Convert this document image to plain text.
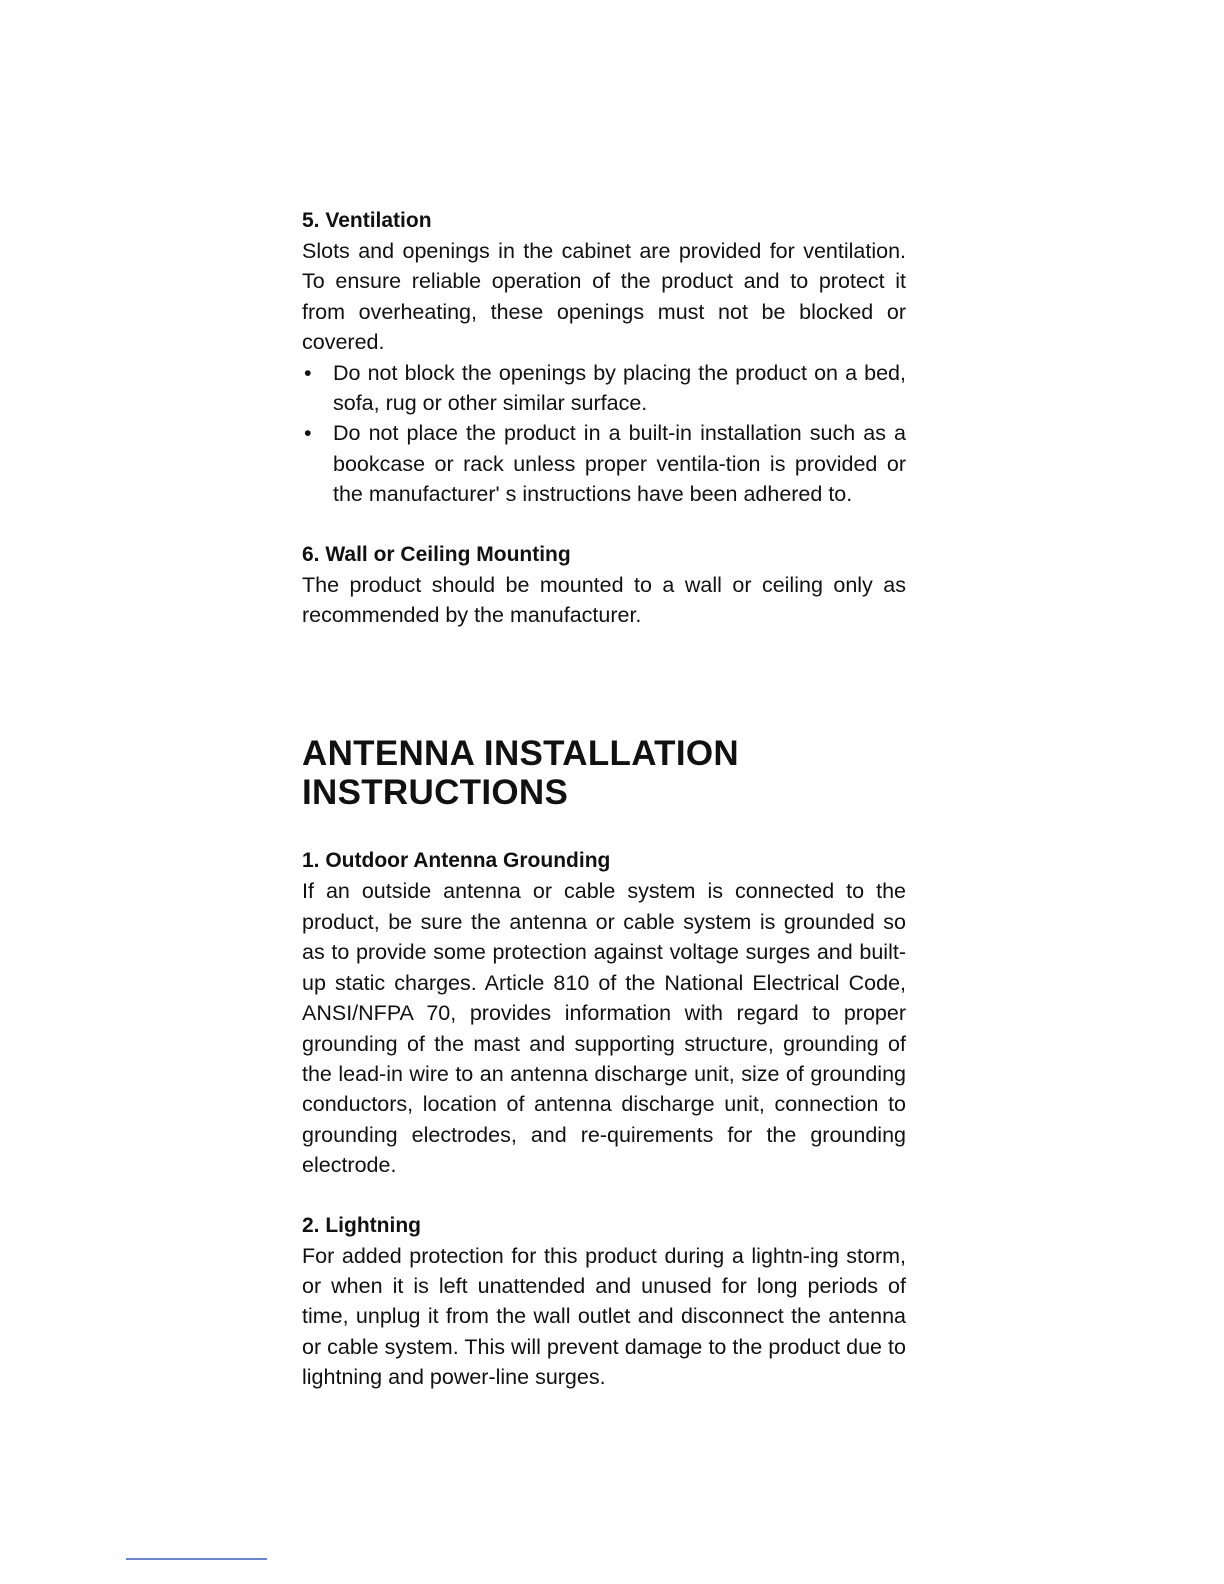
5. Ventilation

Slots and openings in the cabinet are provided for ventilation. To ensure reliable operation of the product and to protect it from overheating, these openings must not be blocked or covered.

• Do not block the openings by placing the product on a bed, sofa, rug or other similar surface.
• Do not place the product in a built-in installation such as a bookcase or rack unless proper ventila-tion is provided or the manufacturer' s instructions have been adhered to.

6. Wall or Ceiling Mounting

The product should be mounted to a wall or ceiling only as recommended by the manufacturer.

ANTENNA INSTALLATION
INSTRUCTIONS

1. Outdoor Antenna Grounding

If an outside antenna or cable system is connected to the product, be sure the antenna or cable system is grounded so as to provide some protection against voltage surges and built-up static charges. Article 810 of the National Electrical Code, ANSI/NFPA 70, provides information with regard to proper grounding of the mast and supporting structure, grounding of the lead-in wire to an antenna discharge unit, size of grounding conductors, location of antenna discharge unit, connection to grounding electrodes, and re-quirements for the grounding electrode.

2. Lightning

For added protection for this product during a lightn-ing storm, or when it is left unattended and unused for long periods of time, unplug it from the wall outlet and disconnect the antenna or cable system. This will prevent damage to the product due to lightning and power-line surges.
